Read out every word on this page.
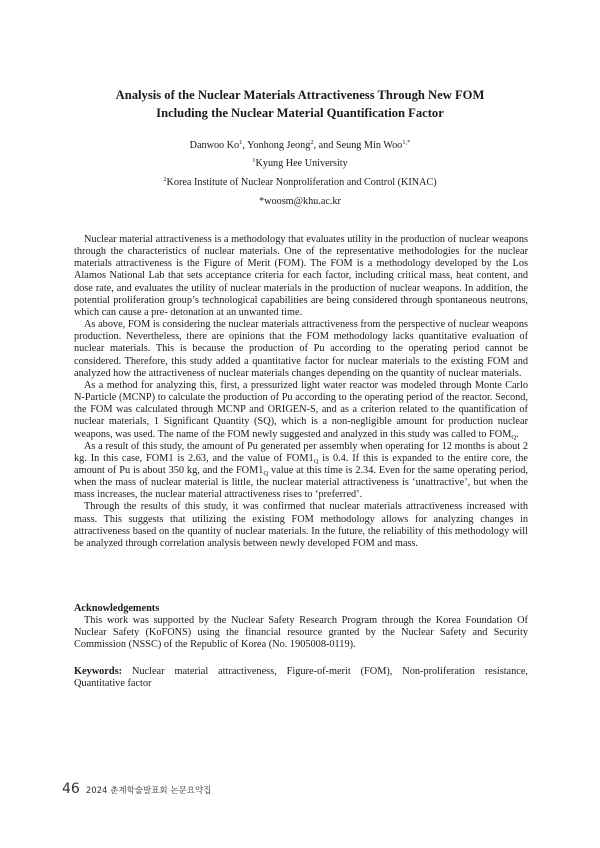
Analysis of the Nuclear Materials Attractiveness Through New FOM
Including the Nuclear Material Quantification Factor
Danwoo Ko$^1$, Yonhong Jeong$^2$, and Seung Min Woo$^{1,*}$
$^1$Kyung Hee University
$^2$Korea Institute of Nuclear Nonproliferation and Control (KINAC)
*woosm@khu.ac.kr

Nuclear material attractiveness is a methodology that evaluates utility in the production of nuclear weapons through the characteristics of nuclear materials. One of the representative methodologies for the nuclear materials attractiveness is the Figure of Merit (FOM). The FOM is a methodology developed by the Los Alamos National Lab that sets acceptance criteria for each factor, including critical mass, heat content, and dose rate, and evaluates the utility of nuclear materials in the production of nuclear weapons. In addition, the potential proliferation group’s technological capabilities are being considered through spontaneous neutrons, which can cause a pre- detonation at an unwanted time.

As above, FOM is considering the nuclear materials attractiveness from the perspective of nuclear weapons production. Nevertheless, there are opinions that the FOM methodology lacks quantitative evaluation of nuclear materials. This is because the production of Pu according to the operating period cannot be considered. Therefore, this study added a quantitative factor for nuclear materials to the existing FOM and analyzed how the attractiveness of nuclear materials changes depending on the quantity of nuclear materials.

As a method for analyzing this, first, a pressurized light water reactor was modeled through Monte Carlo N-Particle (MCNP) to calculate the production of Pu according to the operating period of the reactor. Second, the FOM was calculated through MCNP and ORIGEN-S, and as a criterion related to the quantification of nuclear materials, 1 Significant Quantity (SQ), which is a non-negligible amount for production nuclear weapons, was used. The name of the FOM newly suggested and analyzed in this study was called to $FOM_Q$.

As a result of this study, the amount of Pu generated per assembly when operating for 12 months is about 2 kg. In this case, FOM1 is 2.63, and the value of $FOM1_Q$ is 0.4. If this is expanded to the entire core, the amount of Pu is about 350 kg, and the $FOM1_Q$ value at this time is 2.34. Even for the same operating period, when the mass of nuclear material is little, the nuclear material attractiveness is ‘unattractive’, but when the mass increases, the nuclear material attractiveness rises to ‘preferred’.

Through the results of this study, it was confirmed that nuclear materials attractiveness increased with mass. This suggests that utilizing the existing FOM methodology allows for analyzing changes in attractiveness based on the quantity of nuclear materials. In the future, the reliability of this methodology will be analyzed through correlation analysis between newly developed FOM and mass.

Acknowledgements

This work was supported by the Nuclear Safety Research Program through the Korea Foundation Of Nuclear Safety (KoFONS) using the financial resource granted by the Nuclear Safety and Security Commission (NSSC) of the Republic of Korea (No. 1905008-0119).

Keywords: Nuclear material attractiveness, Figure-of-merit (FOM), Non-proliferation resistance, Quantitative factor
46 2024 춘계학술발표회 논문요약집
